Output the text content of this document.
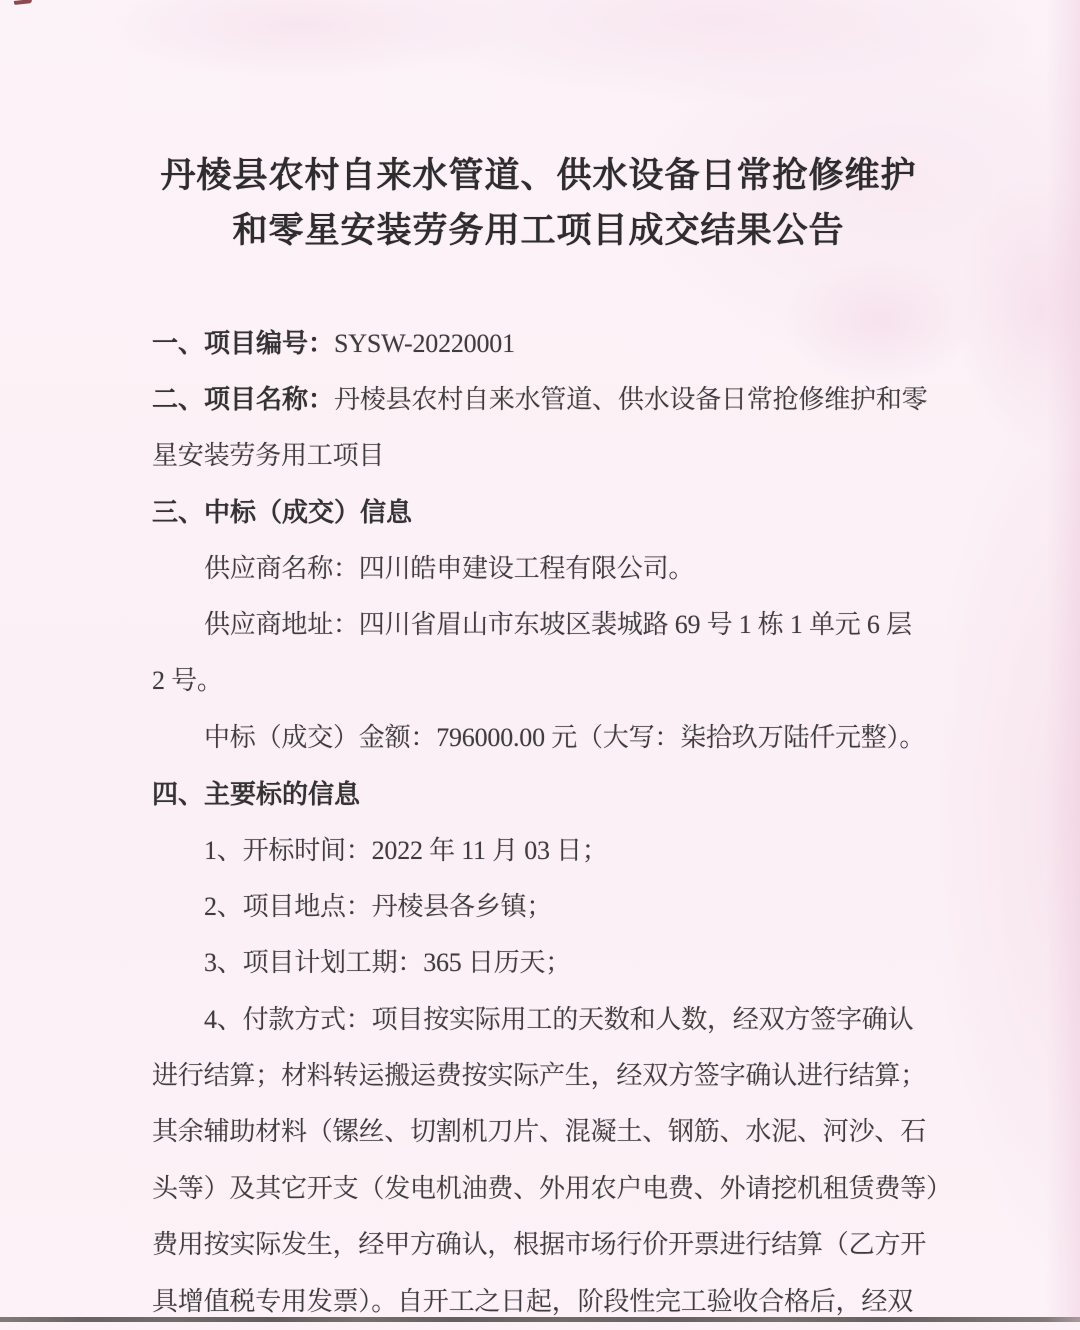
丹棱县农村自来水管道、供水设备日常抢修维护
和零星安装劳务用工项目成交结果公告
一、项目编号：SYSW-20220001
二、项目名称：丹棱县农村自来水管道、供水设备日常抢修维护和零
星安装劳务用工项目
三、中标（成交）信息
供应商名称：四川皓申建设工程有限公司。
供应商地址：四川省眉山市东坡区裴城路 69 号 1 栋 1 单元 6 层
2 号。
中标（成交）金额：796000.00 元（大写：柒拾玖万陆仟元整）。
四、主要标的信息
1、开标时间：2022 年 11 月 03 日；
2、项目地点：丹棱县各乡镇；
3、项目计划工期：365 日历天；
4、付款方式：项目按实际用工的天数和人数，经双方签字确认
进行结算；材料转运搬运费按实际产生，经双方签字确认进行结算；
其余辅助材料（镙丝、切割机刀片、混凝土、钢筋、水泥、河沙、石
头等）及其它开支（发电机油费、外用农户电费、外请挖机租赁费等）
费用按实际发生，经甲方确认，根据市场行价开票进行结算（乙方开
具增值税专用发票）。自开工之日起，阶段性完工验收合格后，经双
